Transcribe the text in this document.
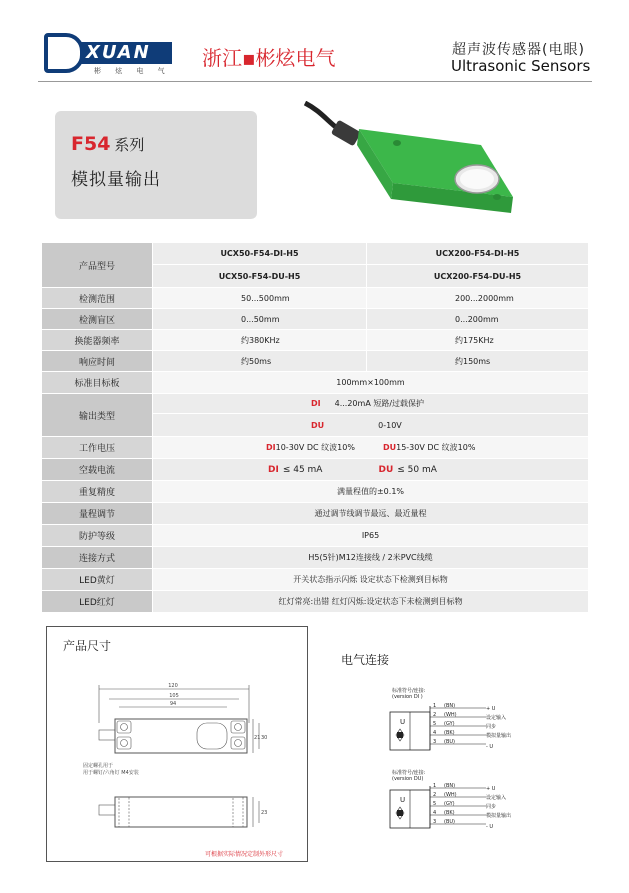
XUAN
彬 炫 电 气
浙江▪彬炫电气	超声波传感器(电眼)
Ultrasonic Sensors
F54 系列
模拟量输出
产品型号
UCX50-F54-DI-H5	UCX200-F54-DI-H5
UCX50-F54-DU-H5	UCX200-F54-DU-H5
检测范围	50...500mm	200...2000mm
检测盲区	0...50mm	0...200mm
换能器频率	约380KHz	约175KHz
响应时间	约50ms	约150ms
标准目标板	100mm×100mm
输出类型
DI 4...20mA 短路/过载保护
DU	0-10V
工作电压	DI 10-30V DC 纹波10%	DU 15-30V DC 纹波10%
空载电流	DI ≤ 45 mA	DU ≤ 50 mA
重复精度	满量程值的±0.1%
量程调节	通过调节线调节最远、最近量程
防护等级	IP65
连接方式	H5(5针)M12连接线 / 2米PVC线缆
LED黄灯	开关状态指示闪烁 设定状态下检测到目标物
LED红灯	红灯常亮:出错 红灯闪烁:设定状态下未检测到目标物
产品尺寸
120
105
94
30
21
23
固定螺孔用于
用于螺钉/六角钉 M4安装
可根据实际情况定制外形尺寸
电气连接
标准符号/连接:
(version DI )
U
1
2
5
4
3
(BN)
(WH)
(GY)
(BK)
(BU)
+ U
设定输入
同步
模拟量输出
- U
标准符号/连接:
(version DU)
U
1
2
5
4
3
(BN)
(WH)
(GY)
(BK)
(BU)
+ U
设定输入
同步
模拟量输出
- U
